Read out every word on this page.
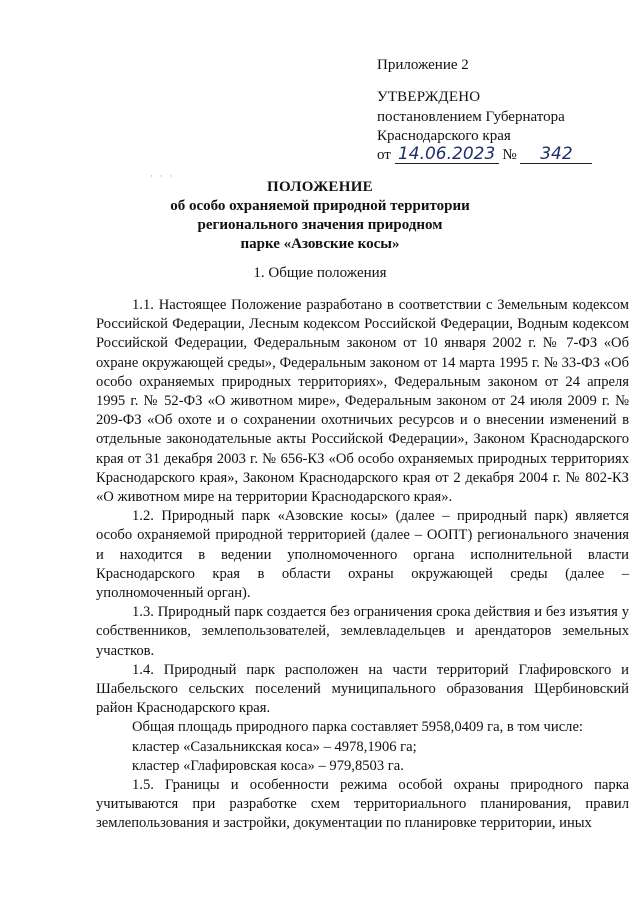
Приложение 2
УТВЕРЖДЕНО
постановлением Губернатора
Краснодарского края
от 14.06.2023 № 342
· · ·
ПОЛОЖЕНИЕ
об особо охраняемой природной территории
регионального значения природном
парке «Азовские косы»
1. Общие положения

1.1. Настоящее Положение разработано в соответствии с Земельным кодексом Российской Федерации, Лесным кодексом Российской Федерации, Водным кодексом Российской Федерации, Федеральным законом от 10 января 2002 г. № 7-ФЗ «Об охране окружающей среды», Федеральным законом от 14 марта 1995 г. № 33-ФЗ «Об особо охраняемых природных территориях», Федеральным законом от 24 апреля 1995 г. № 52-ФЗ «О животном мире», Федеральным законом от 24 июля 2009 г. № 209-ФЗ «Об охоте и о сохранении охотничьих ресурсов и о внесении изменений в отдельные законодательные акты Российской Федерации», Законом Краснодарского края от 31 декабря 2003 г. № 656-КЗ «Об особо охраняемых природных территориях Краснодарского края», Законом Краснодарского края от 2 декабря 2004 г. № 802-КЗ «О животном мире на территории Краснодарского края».

1.2. Природный парк «Азовские косы» (далее – природный парк) является особо охраняемой природной территорией (далее – ООПТ) регионального значения и находится в ведении уполномоченного органа исполнительной власти Краснодарского края в области охраны окружающей среды (далее – уполномоченный орган).

1.3. Природный парк создается без ограничения срока действия и без изъятия у собственников, землепользователей, землевладельцев и арендаторов земельных участков.

1.4. Природный парк расположен на части территорий Глафировского и Шабельского сельских поселений муниципального образования Щербиновский район Краснодарского края.

Общая площадь природного парка составляет 5958,0409 га, в том числе:

кластер «Сазальникская коса» – 4978,1906 га;

кластер «Глафировская коса» – 979,8503 га.

1.5. Границы и особенности режима особой охраны природного парка учитываются при разработке схем территориального планирования, правил землепользования и застройки, документации по планировке территории, иных
